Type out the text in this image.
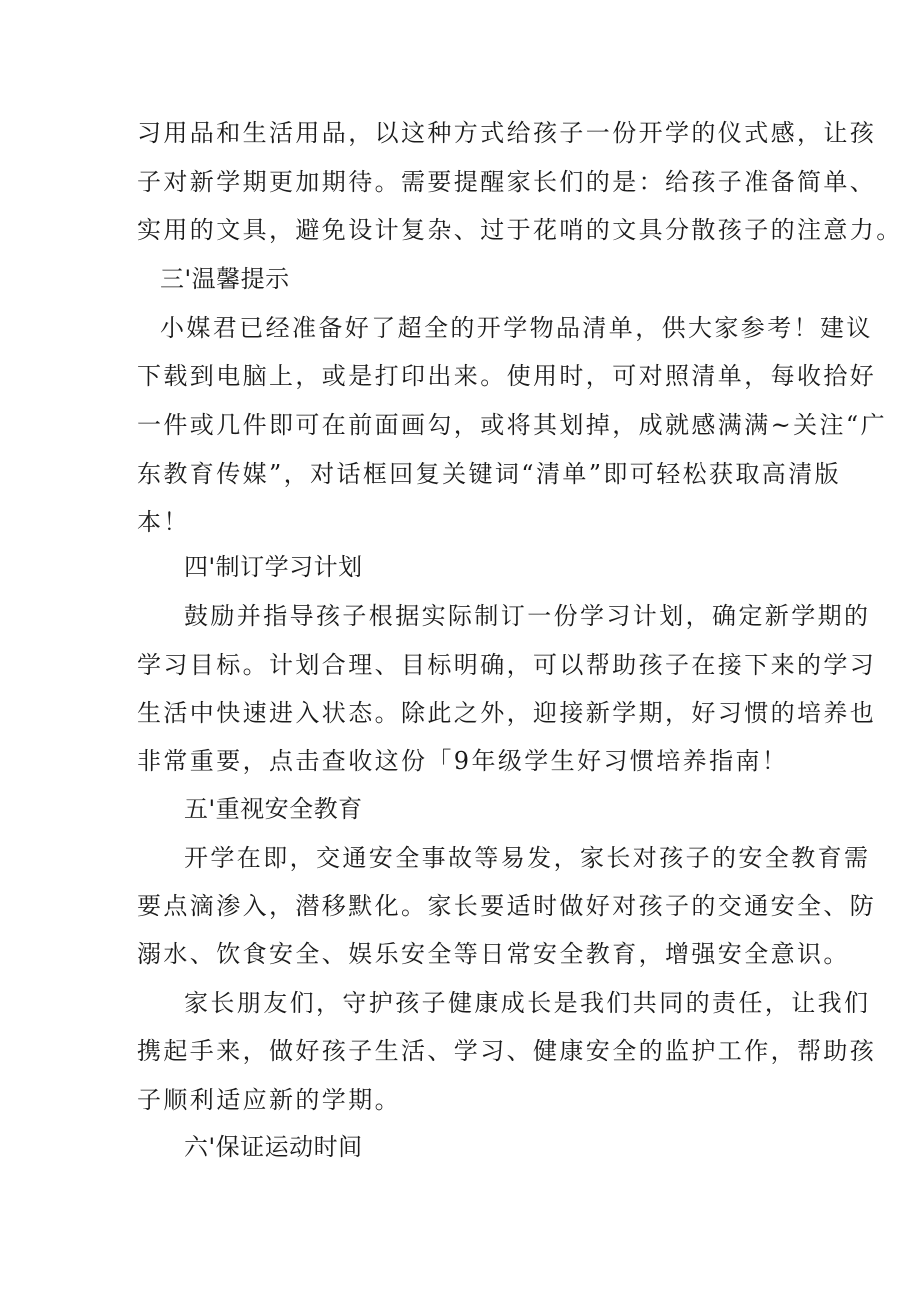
习用品和生活用品，以这种方式给孩子一份开学的仪式感，让孩
子对新学期更加期待。需要提醒家长们的是：给孩子准备简单、
实用的文具，避免设计复杂、过于花哨的文具分散孩子的注意力。
三'温馨提示
小媒君已经准备好了超全的开学物品清单，供大家参考！建议
下载到电脑上，或是打印出来。使用时，可对照清单，每收拾好
一件或几件即可在前面画勾，或将其划掉，成就感满满~关注“广
东教育传媒”，对话框回复关键词“清单”即可轻松获取高清版
本！
四'制订学习计划
鼓励并指导孩子根据实际制订一份学习计划，确定新学期的
学习目标。计划合理、目标明确，可以帮助孩子在接下来的学习
生活中快速进入状态。除此之外，迎接新学期，好习惯的培养也
非常重要，点击查收这份「9年级学生好习惯培养指南！
五'重视安全教育
开学在即，交通安全事故等易发，家长对孩子的安全教育需
要点滴渗入，潜移默化。家长要适时做好对孩子的交通安全、防
溺水、饮食安全、娱乐安全等日常安全教育，增强安全意识。
家长朋友们，守护孩子健康成长是我们共同的责任，让我们
携起手来，做好孩子生活、学习、健康安全的监护工作，帮助孩
子顺利适应新的学期。
六'保证运动时间
